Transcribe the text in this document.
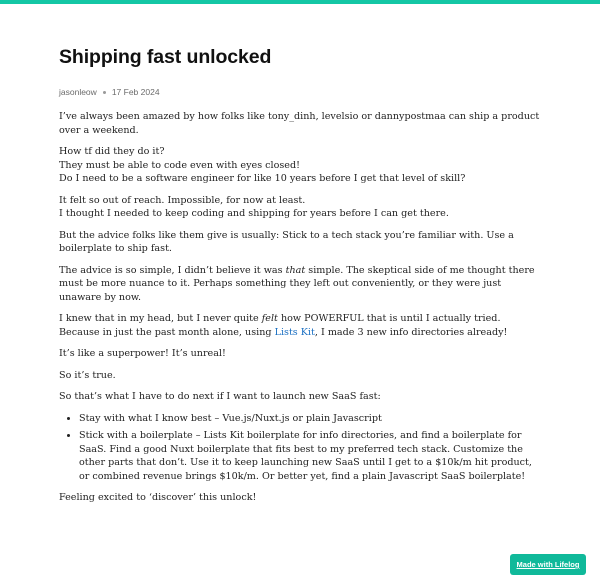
Shipping fast unlocked
jasonleow 17 Feb 2024

I’ve always been amazed by how folks like tony_dinh, levelsio or dannypostmaa can ship a product over a weekend.

How tf did they do it?
They must be able to code even with eyes closed!
Do I need to be a software engineer for like 10 years before I get that level of skill?

It felt so out of reach. Impossible, for now at least.
I thought I needed to keep coding and shipping for years before I can get there.

But the advice folks like them give is usually: Stick to a tech stack you’re familiar with. Use a boilerplate to ship fast.

The advice is so simple, I didn’t believe it was that simple. The skeptical side of me thought there must be more nuance to it. Perhaps something they left out conveniently, or they were just unaware by now.

I knew that in my head, but I never quite felt how POWERFUL that is until I actually tried. Because in just the past month alone, using Lists Kit, I made 3 new info directories already!

It’s like a superpower! It’s unreal!

So it’s true.

So that’s what I have to do next if I want to launch new SaaS fast:

• Stay with what I know best – Vue.js/Nuxt.js or plain Javascript
• Stick with a boilerplate – Lists Kit boilerplate for info directories, and find a boilerplate for SaaS. Find a good Nuxt boilerplate that fits best to my preferred tech stack. Customize the other parts that don’t. Use it to keep launching new SaaS until I get to a $10k/m hit product, or combined revenue brings $10k/m. Or better yet, find a plain Javascript SaaS boilerplate!

Feeling excited to ‘discover’ this unlock!

Made with Lifelog
